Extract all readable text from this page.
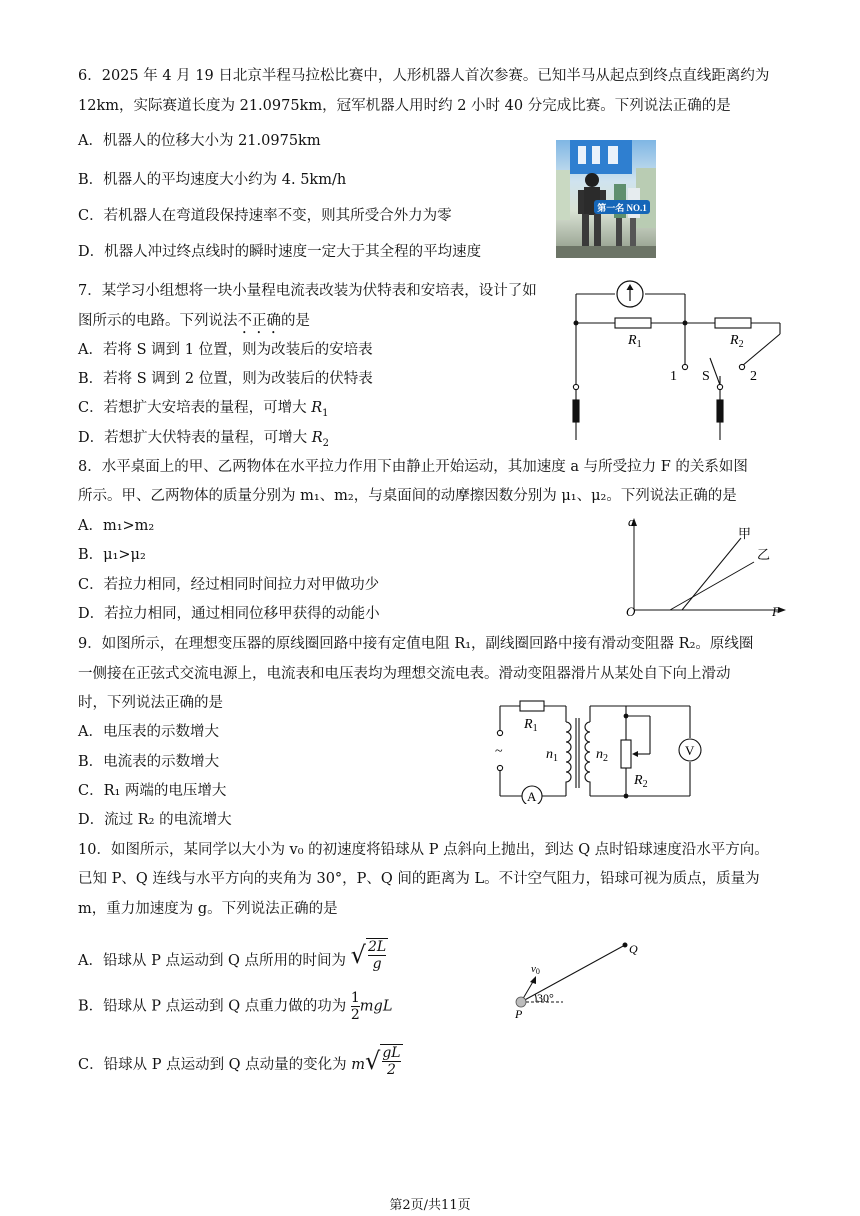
6．2025 年 4 月 19 日北京半程马拉松比赛中，人形机器人首次参赛。已知半马从起点到终点直线距离约为
12km，实际赛道长度为 21.0975km，冠军机器人用时约 2 小时 40 分完成比赛。下列说法正确的是
A．机器人的位移大小为 21.0975km
B．机器人的平均速度大小约为 4. 5km/h
C．若机器人在弯道段保持速率不变，则其所受合外力为零
D．机器人冲过终点线时的瞬时速度一定大于其全程的平均速度
第一名 NO.1
7．某学习小组想将一块小量程电流表改装为伏特表和安培表，设计了如
图所示的电路。下列说法不正确的是
A．若将 S 调到 1 位置，则为改装后的安培表
B．若将 S 调到 2 位置，则为改装后的伏特表
C．若想扩大安培表的量程，可增大 $R_1$
D．若想扩大伏特表的量程，可增大 $R_2$
$R_1$	$R_2$
1 S	2
8．水平桌面上的甲、乙两物体在水平拉力作用下由静止开始运动，其加速度 a 与所受拉力 F 的关系如图
所示。甲、乙两物体的质量分别为 m₁、m₂，与桌面间的动摩擦因数分别为 μ₁、μ₂。下列说法正确的是
A．m₁>m₂
B．μ₁>μ₂
C．若拉力相同，经过相同时间拉力对甲做功少
D．若拉力相同，通过相同位移甲获得的动能小
a
F
O
甲
乙
9．如图所示，在理想变压器的原线圈回路中接有定值电阻 R₁，副线圈回路中接有滑动变阻器 R₂。原线圈
一侧接在正弦式交流电源上，电流表和电压表均为理想交流电表。滑动变阻器滑片从某处自下向上滑动
时，下列说法正确的是
A．电压表的示数增大
B．电流表的示数增大
C．R₁ 两端的电压增大
D．流过 R₂ 的电流增大
A
V
~
$R_1$
$n_1$	$n_2$
$R_2$
10．如图所示，某同学以大小为 v₀ 的初速度将铅球从 P 点斜向上抛出，到达 Q 点时铅球速度沿水平方向。
已知 P、Q 连线与水平方向的夹角为 30°，P、Q 间的距离为 L。不计空气阻力，铅球可视为质点，质量为
m，重力加速度为 g。下列说法正确的是
A．铅球从 P 点运动到 Q 点所用的时间为 √ $\frac{2L}{g}$
B．铅球从 P 点运动到 Q 点重力做的功为 $\frac{1}{2}$ mgL
C．铅球从 P 点运动到 Q 点动量的变化为 m √ $\frac{gL}{2}$
v0
30°
P
Q
第2页/共11页
